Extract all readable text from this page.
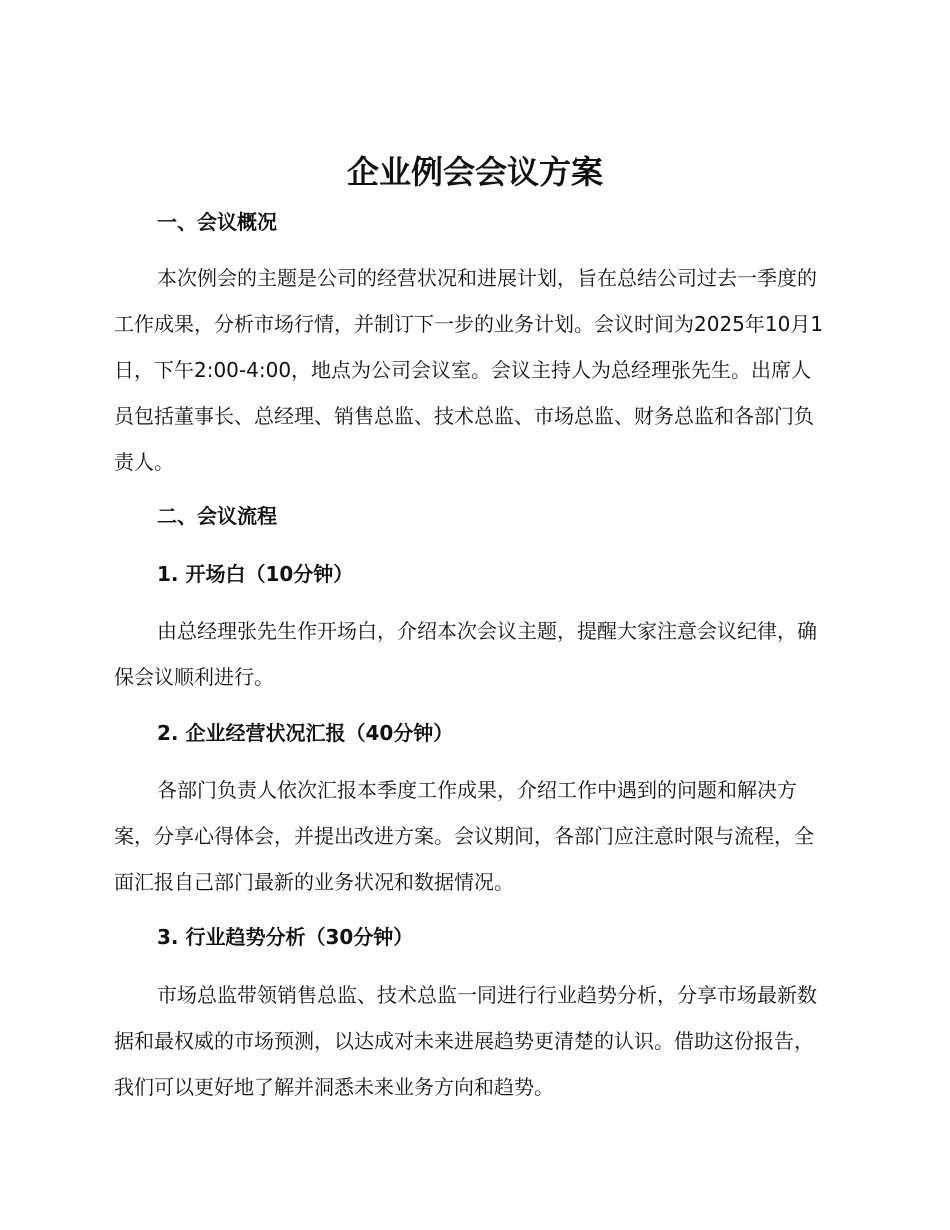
企业例会会议方案
一、会议概况

本次例会的主题是公司的经营状况和进展计划，旨在总结公司过去一季度的工作成果，分析市场行情，并制订下一步的业务计划。会议时间为2025年10月1日，下午2:00-4:00，地点为公司会议室。会议主持人为总经理张先生。出席人员包括董事长、总经理、销售总监、技术总监、市场总监、财务总监和各部门负责人。

二、会议流程
1. 开场白（10分钟）

由总经理张先生作开场白，介绍本次会议主题，提醒大家注意会议纪律，确保会议顺利进行。

2. 企业经营状况汇报（40分钟）

各部门负责人依次汇报本季度工作成果，介绍工作中遇到的问题和解决方案，分享心得体会，并提出改进方案。会议期间，各部门应注意时限与流程，全面汇报自己部门最新的业务状况和数据情况。

3. 行业趋势分析（30分钟）

市场总监带领销售总监、技术总监一同进行行业趋势分析，分享市场最新数据和最权威的市场预测，以达成对未来进展趋势更清楚的认识。借助这份报告，我们可以更好地了解并洞悉未来业务方向和趋势。
